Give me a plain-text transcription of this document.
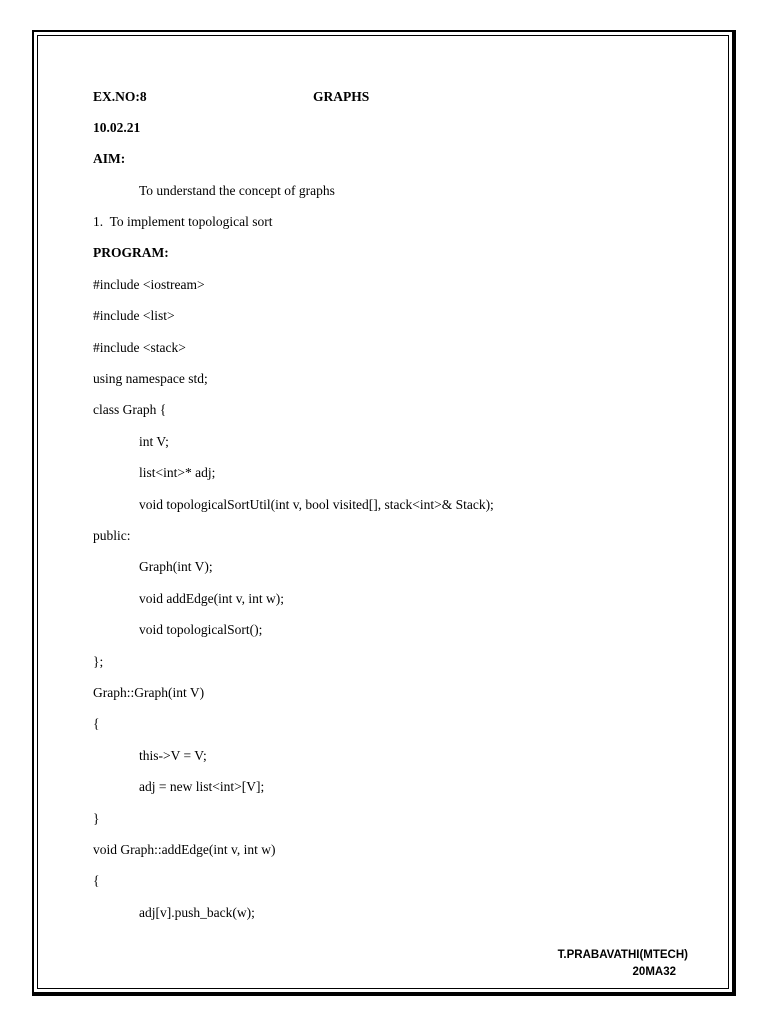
EX.NO:8	GRAPHS
10.02.21
AIM:
To understand the concept of graphs
1.  To implement topological sort
PROGRAM:
#include <iostream>
#include <list>
#include <stack>
using namespace std;
class Graph {
int V;
list<int>* adj;
void topologicalSortUtil(int v, bool visited[], stack<int>& Stack);
public:
Graph(int V);
void addEdge(int v, int w);
void topologicalSort();
};
Graph::Graph(int V)
{
this->V = V;
adj = new list<int>[V];
}
void Graph::addEdge(int v, int w)
{
adj[v].push_back(w);
T.PRABAVATHI(MTECH)
20MA32
